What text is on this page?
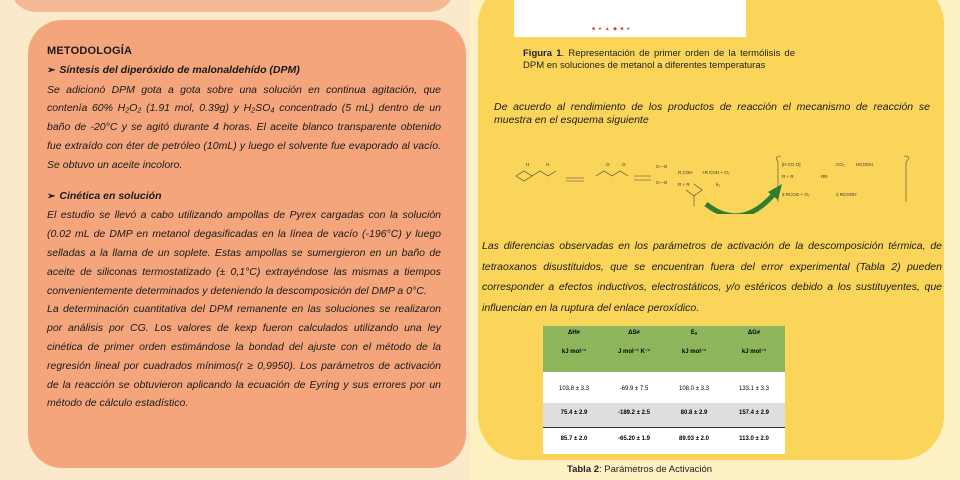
METODOLOGÍA
➢ Síntesis del diperóxido de malonaldehído (DPM)

Se adicionó DPM gota a gota sobre una solución en continua agitación, que contenía 60% H₂O₂ (1.91 mol, 0.39g) y H₂SO₄ concentrado (5 mL) dentro de un baño de -20°C y se agitó durante 4 horas. El aceite blanco transparente obtenido fue extraído con éter de petróleo (10mL) y luego el solvente fue evaporado al vacío. Se obtuvo un aceite incoloro.

➢ Cinética en solución

El estudio se llevó a cabo utilizando ampollas de Pyrex cargadas con la solución (0.02 mL de DMP en metanol degasificadas en la línea de vacío (-196°C) y luego selladas a la llama de un soplete. Estas ampollas se sumergieron en un baño de aceite de siliconas termostatizado (± 0,1°C) extrayéndose las mismas a tiempos convenientemente determinados y deteniendo la descomposición del DMP a 0°C.

La determinación cuantitativa del DPM remanente en las soluciones se realizaron por análisis por CG. Los valores de kexp fueron calculados utilizando una ley cinética de primer orden estimándose la bondad del ajuste con el método de la regresión lineal por cuadrados mínimos(r ≥ 0,9950). Los parámetros de activación de la reacción se obtuvieron aplicando la ecuación de Eyring y sus errores por un método de cálculo estadístico.

■ ● ▲ ◆ ■ ●
Figura 1. Representación de primer orden de la termólisis de DPM en soluciones de metanol a diferentes temperaturas
De acuerdo al rendimiento de los productos de reacción el mecanismo de reacción se muestra en el esquema siguiente
H	H	O	O	C—O
C—O
R COH +R COH + O₂
R + R	k₂
[H CO O]	CO₂	HCOOH
R + R	RR
3 RCOO + O₂	2 RCOOH
Las diferencias observadas en los parámetros de activación de la descomposición térmica, de tetraoxanos disustituidos, que se encuentran fuera del error experimental (Tabla 2) pueden corresponder a efectos inductivos, electrostáticos, y/o estéricos debido a los sustituyentes, que influencian en la ruptura del enlace peroxídico.
ΔH≠	ΔS≠	Eₐ	ΔG≠
kJ mol⁻¹	J mol⁻¹ K⁻¹	kJ mol⁻¹	kJ mol⁻¹
103.8 ± 3.3	-69.9 ± 7.5	108.0 ± 3.3	133.1 ± 3.3
75.4 ± 2.9	-189.2 ± 2.5	80.8 ± 2.9	157.4 ± 2.9
85.7 ± 2.0	-65.20 ± 1.9	89.03 ± 2.0	113.0 ± 2.0
Tabla 2: Parámetros de Activación
